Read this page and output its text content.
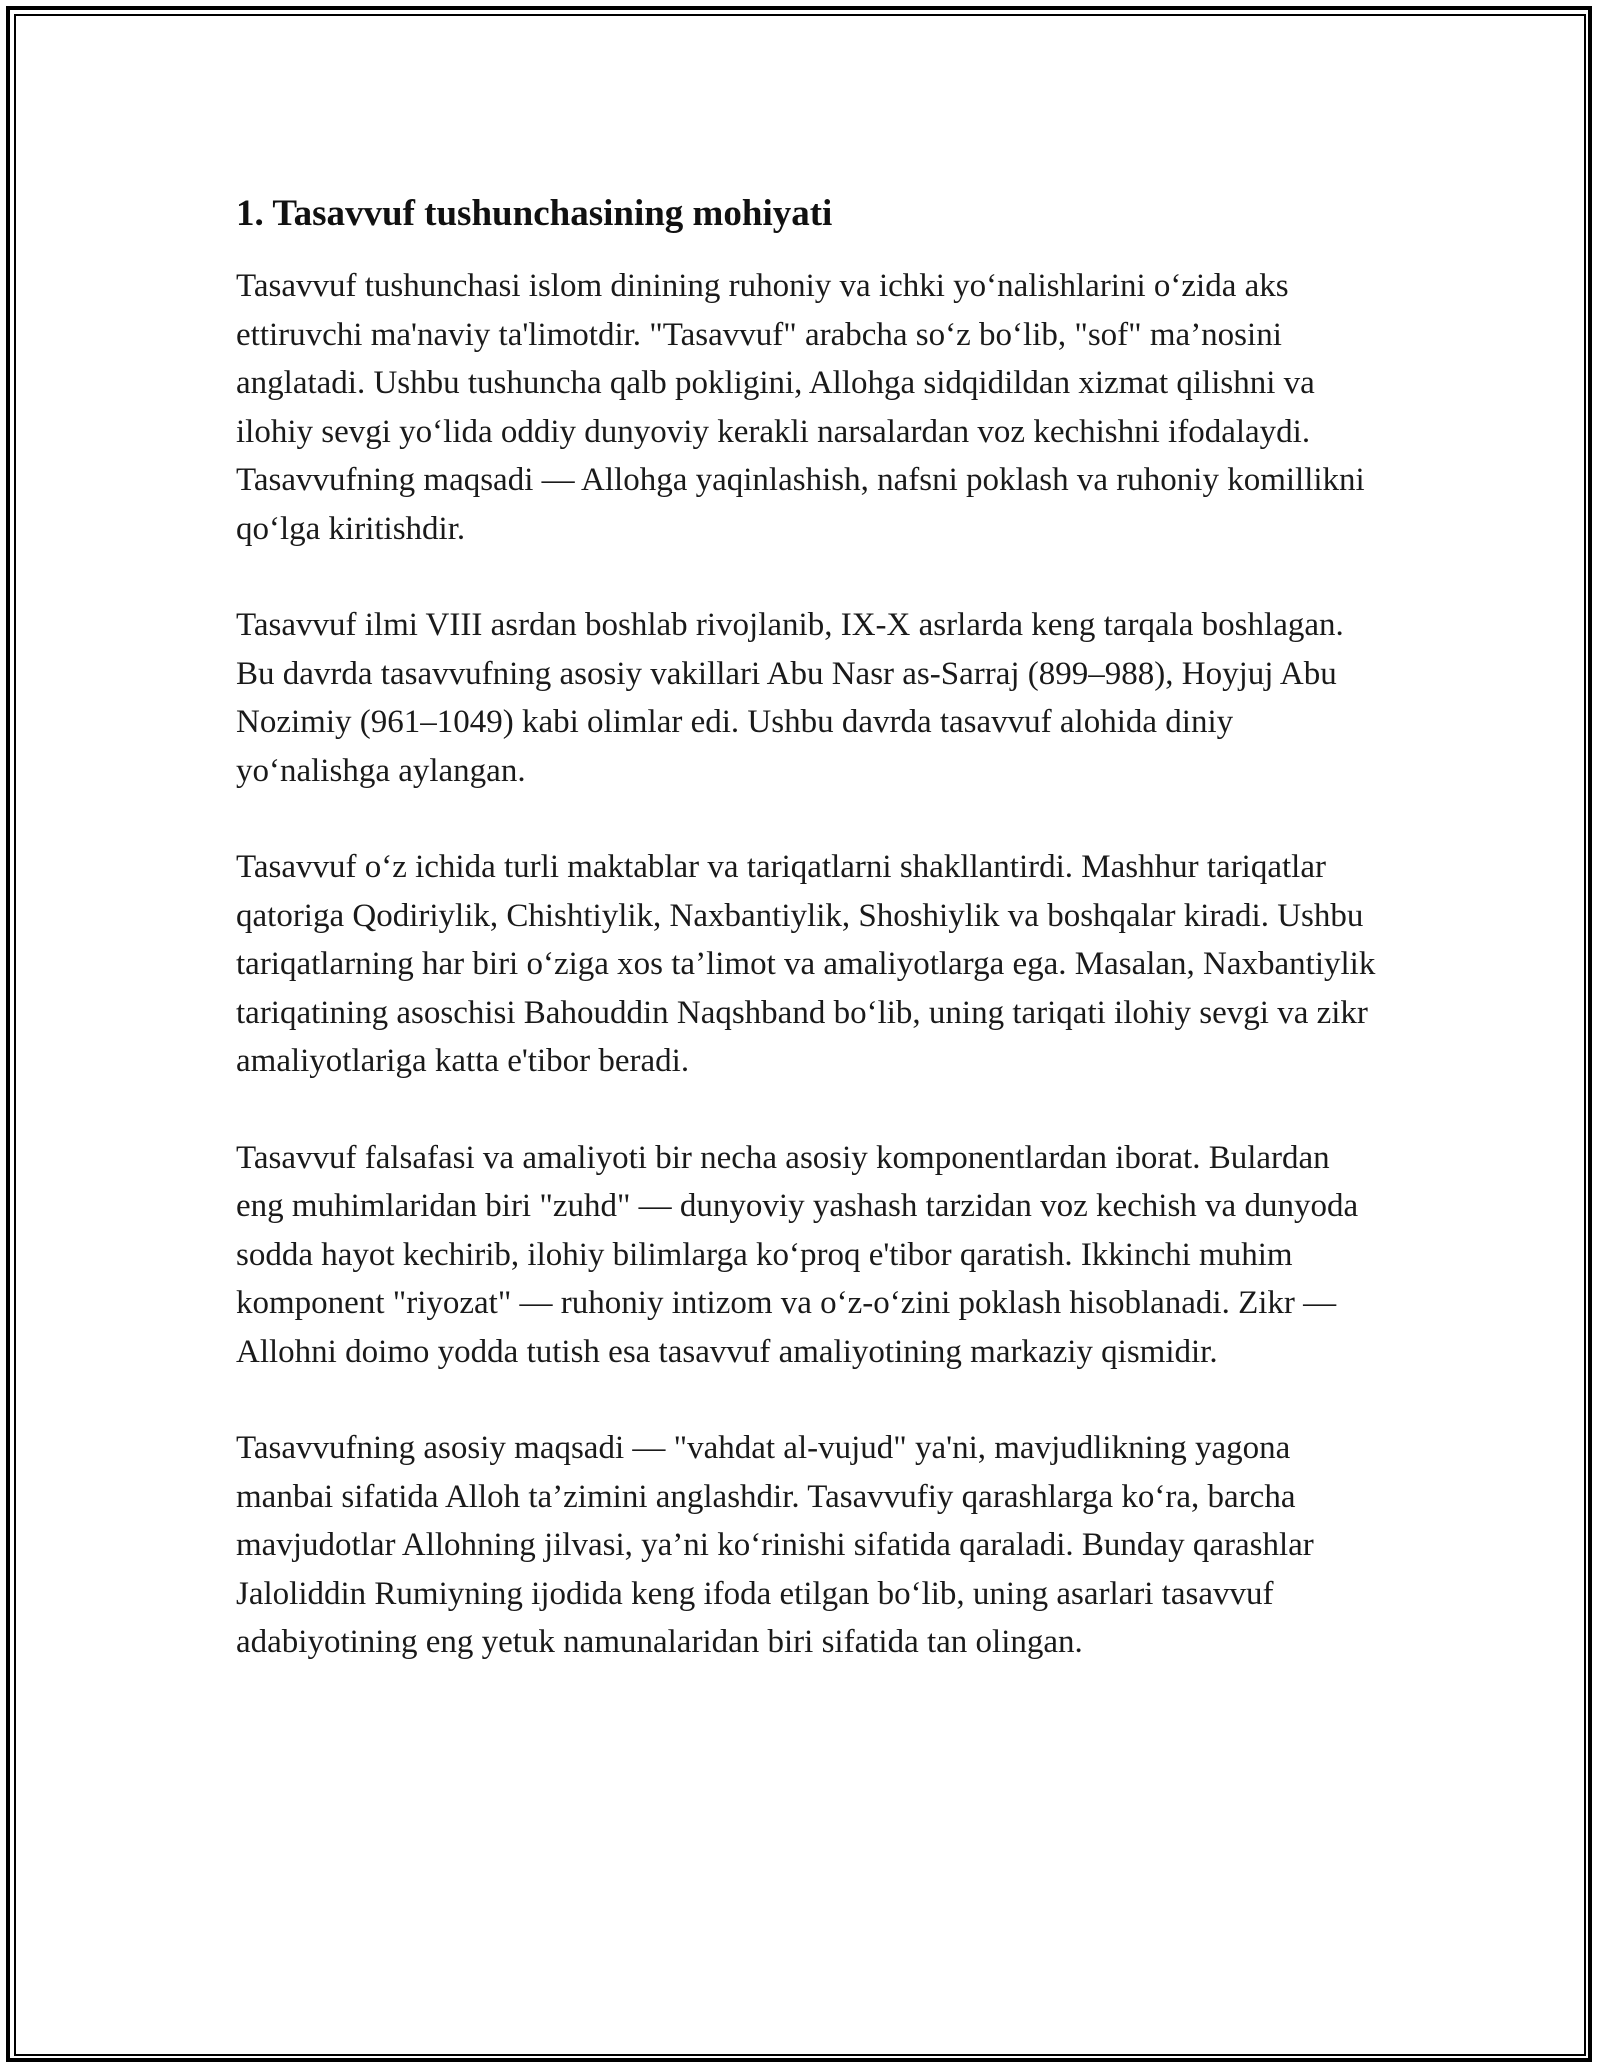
1. Tasavvuf tushunchasining mohiyati

Tasavvuf tushunchasi islom dinining ruhoniy va ichki yo‘nalishlarini o‘zida aks ettiruvchi ma'naviy ta'limotdir. "Tasavvuf" arabcha so‘z bo‘lib, "sof" ma’nosini anglatadi. Ushbu tushuncha qalb pokligini, Allohga sidqidildan xizmat qilishni va ilohiy sevgi yo‘lida oddiy dunyoviy kerakli narsalardan voz kechishni ifodalaydi. Tasavvufning maqsadi — Allohga yaqinlashish, nafsni poklash va ruhoniy komillikni qo‘lga kiritishdir.

Tasavvuf ilmi VIII asrdan boshlab rivojlanib, IX-X asrlarda keng tarqala boshlagan. Bu davrda tasavvufning asosiy vakillari Abu Nasr as-Sarraj (899–988), Hoyjuj Abu Nozimiy (961–1049) kabi olimlar edi. Ushbu davrda tasavvuf alohida diniy yo‘nalishga aylangan.

Tasavvuf o‘z ichida turli maktablar va tariqatlarni shakllantirdi. Mashhur tariqatlar qatoriga Qodiriylik, Chishtiylik, Naxbantiylik, Shoshiylik va boshqalar kiradi. Ushbu tariqatlarning har biri o‘ziga xos ta’limot va amaliyotlarga ega. Masalan, Naxbantiylik tariqatining asoschisi Bahouddin Naqshband bo‘lib, uning tariqati ilohiy sevgi va zikr amaliyotlariga katta e'tibor beradi.

Tasavvuf falsafasi va amaliyoti bir necha asosiy komponentlardan iborat. Bulardan eng muhimlaridan biri "zuhd" — dunyoviy yashash tarzidan voz kechish va dunyoda sodda hayot kechirib, ilohiy bilimlarga ko‘proq e'tibor qaratish. Ikkinchi muhim komponent "riyozat" — ruhoniy intizom va o‘z-o‘zini poklash hisoblanadi. Zikr — Allohni doimo yodda tutish esa tasavvuf amaliyotining markaziy qismidir.

Tasavvufning asosiy maqsadi — "vahdat al-vujud" ya'ni, mavjudlikning yagona manbai sifatida Alloh ta’zimini anglashdir. Tasavvufiy qarashlarga ko‘ra, barcha mavjudotlar Allohning jilvasi, ya’ni ko‘rinishi sifatida qaraladi. Bunday qarashlar Jaloliddin Rumiyning ijodida keng ifoda etilgan bo‘lib, uning asarlari tasavvuf adabiyotining eng yetuk namunalaridan biri sifatida tan olingan.
